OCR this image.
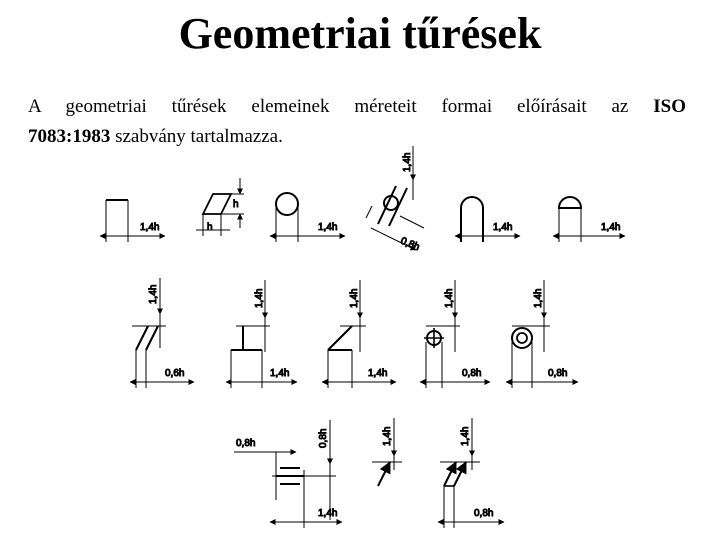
Geometriai tűrések
A geometriai tűrések elemeinek méreteit formai előírásait az ISO
7083:1983 szabvány tartalmazza.
1,4h
h
h	1,4h
1,4h
0,8h
1,4h	1,4h
1,4h
0,6h
1,4h
1,4h
1,4h
1,4h
1,4h
0,8h
1,4h
0,8h
0,8h	0,8h
1,4h
1,4h	1,4h
0,8h
